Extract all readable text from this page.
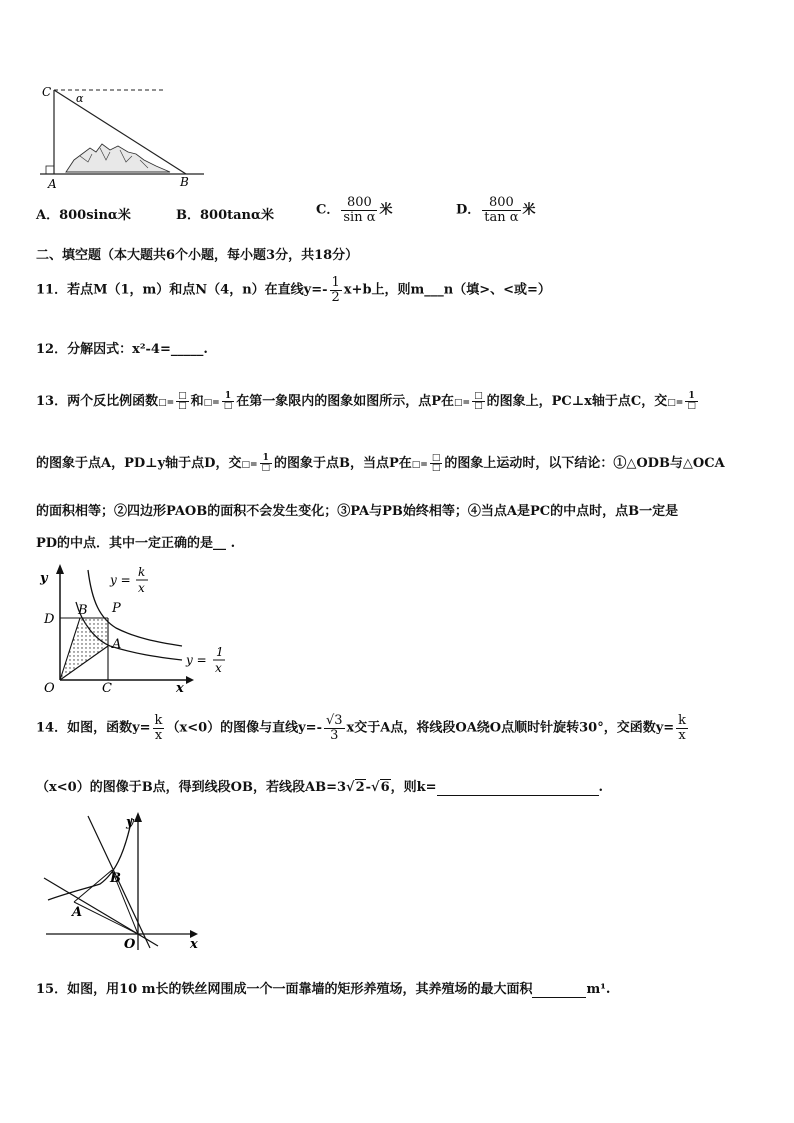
C α
A	B
A．800sinα米	B．800tanα米	C． $\frac{800}{\text{sin α}}$ 米	D． $\frac{800}{\text{tan α}}$ 米
二、填空题（本大题共6个小题，每小题3分，共18分）
11．若点M（1，m）和点N（4，n）在直线$y=- \frac{1}{2} x+b$上，则m___n（填>、<或=）
12．分解因式：x²-4=_____.
13．两个反比例函数□= $\frac{□}{□}$ 和□= $\frac{1}{□}$ 在第一象限内的图象如图所示，点P在□= $\frac{□}{□}$ 的图象上，PC⊥x轴于点C，交□= $\frac{1}{□}$
的图象于点A，PD⊥y轴于点D，交□= $\frac{1}{□}$ 的图象于点B，当点P在□= $\frac{□}{□}$ 的图象上运动时，以下结论：①△ODB与△OCA
的面积相等；②四边形PAOB的面积不会发生变化；③PA与PB始终相等；④当点A是PC的中点时，点B一定是
PD的中点．其中一定正确的是__ .
y
x
O	C
D
B P
A
y =
k
x
y =
1
x
14．如图，函数$y= \frac{k}{x} (x<0)$的图像与直线$y=- \frac{√3}{3}$ x交于A点，将线段OA绕O点顺时针旋转30°，交函数$y= \frac{k}{x}$
（x<0）的图像于B点，得到线段OB，若线段AB=3√2-√6，则k=	.
y
x
O
A
B
15．如图，用10 m长的铁丝网围成一个一面靠墙的矩形养殖场，其养殖场的最大面积	m¹.
